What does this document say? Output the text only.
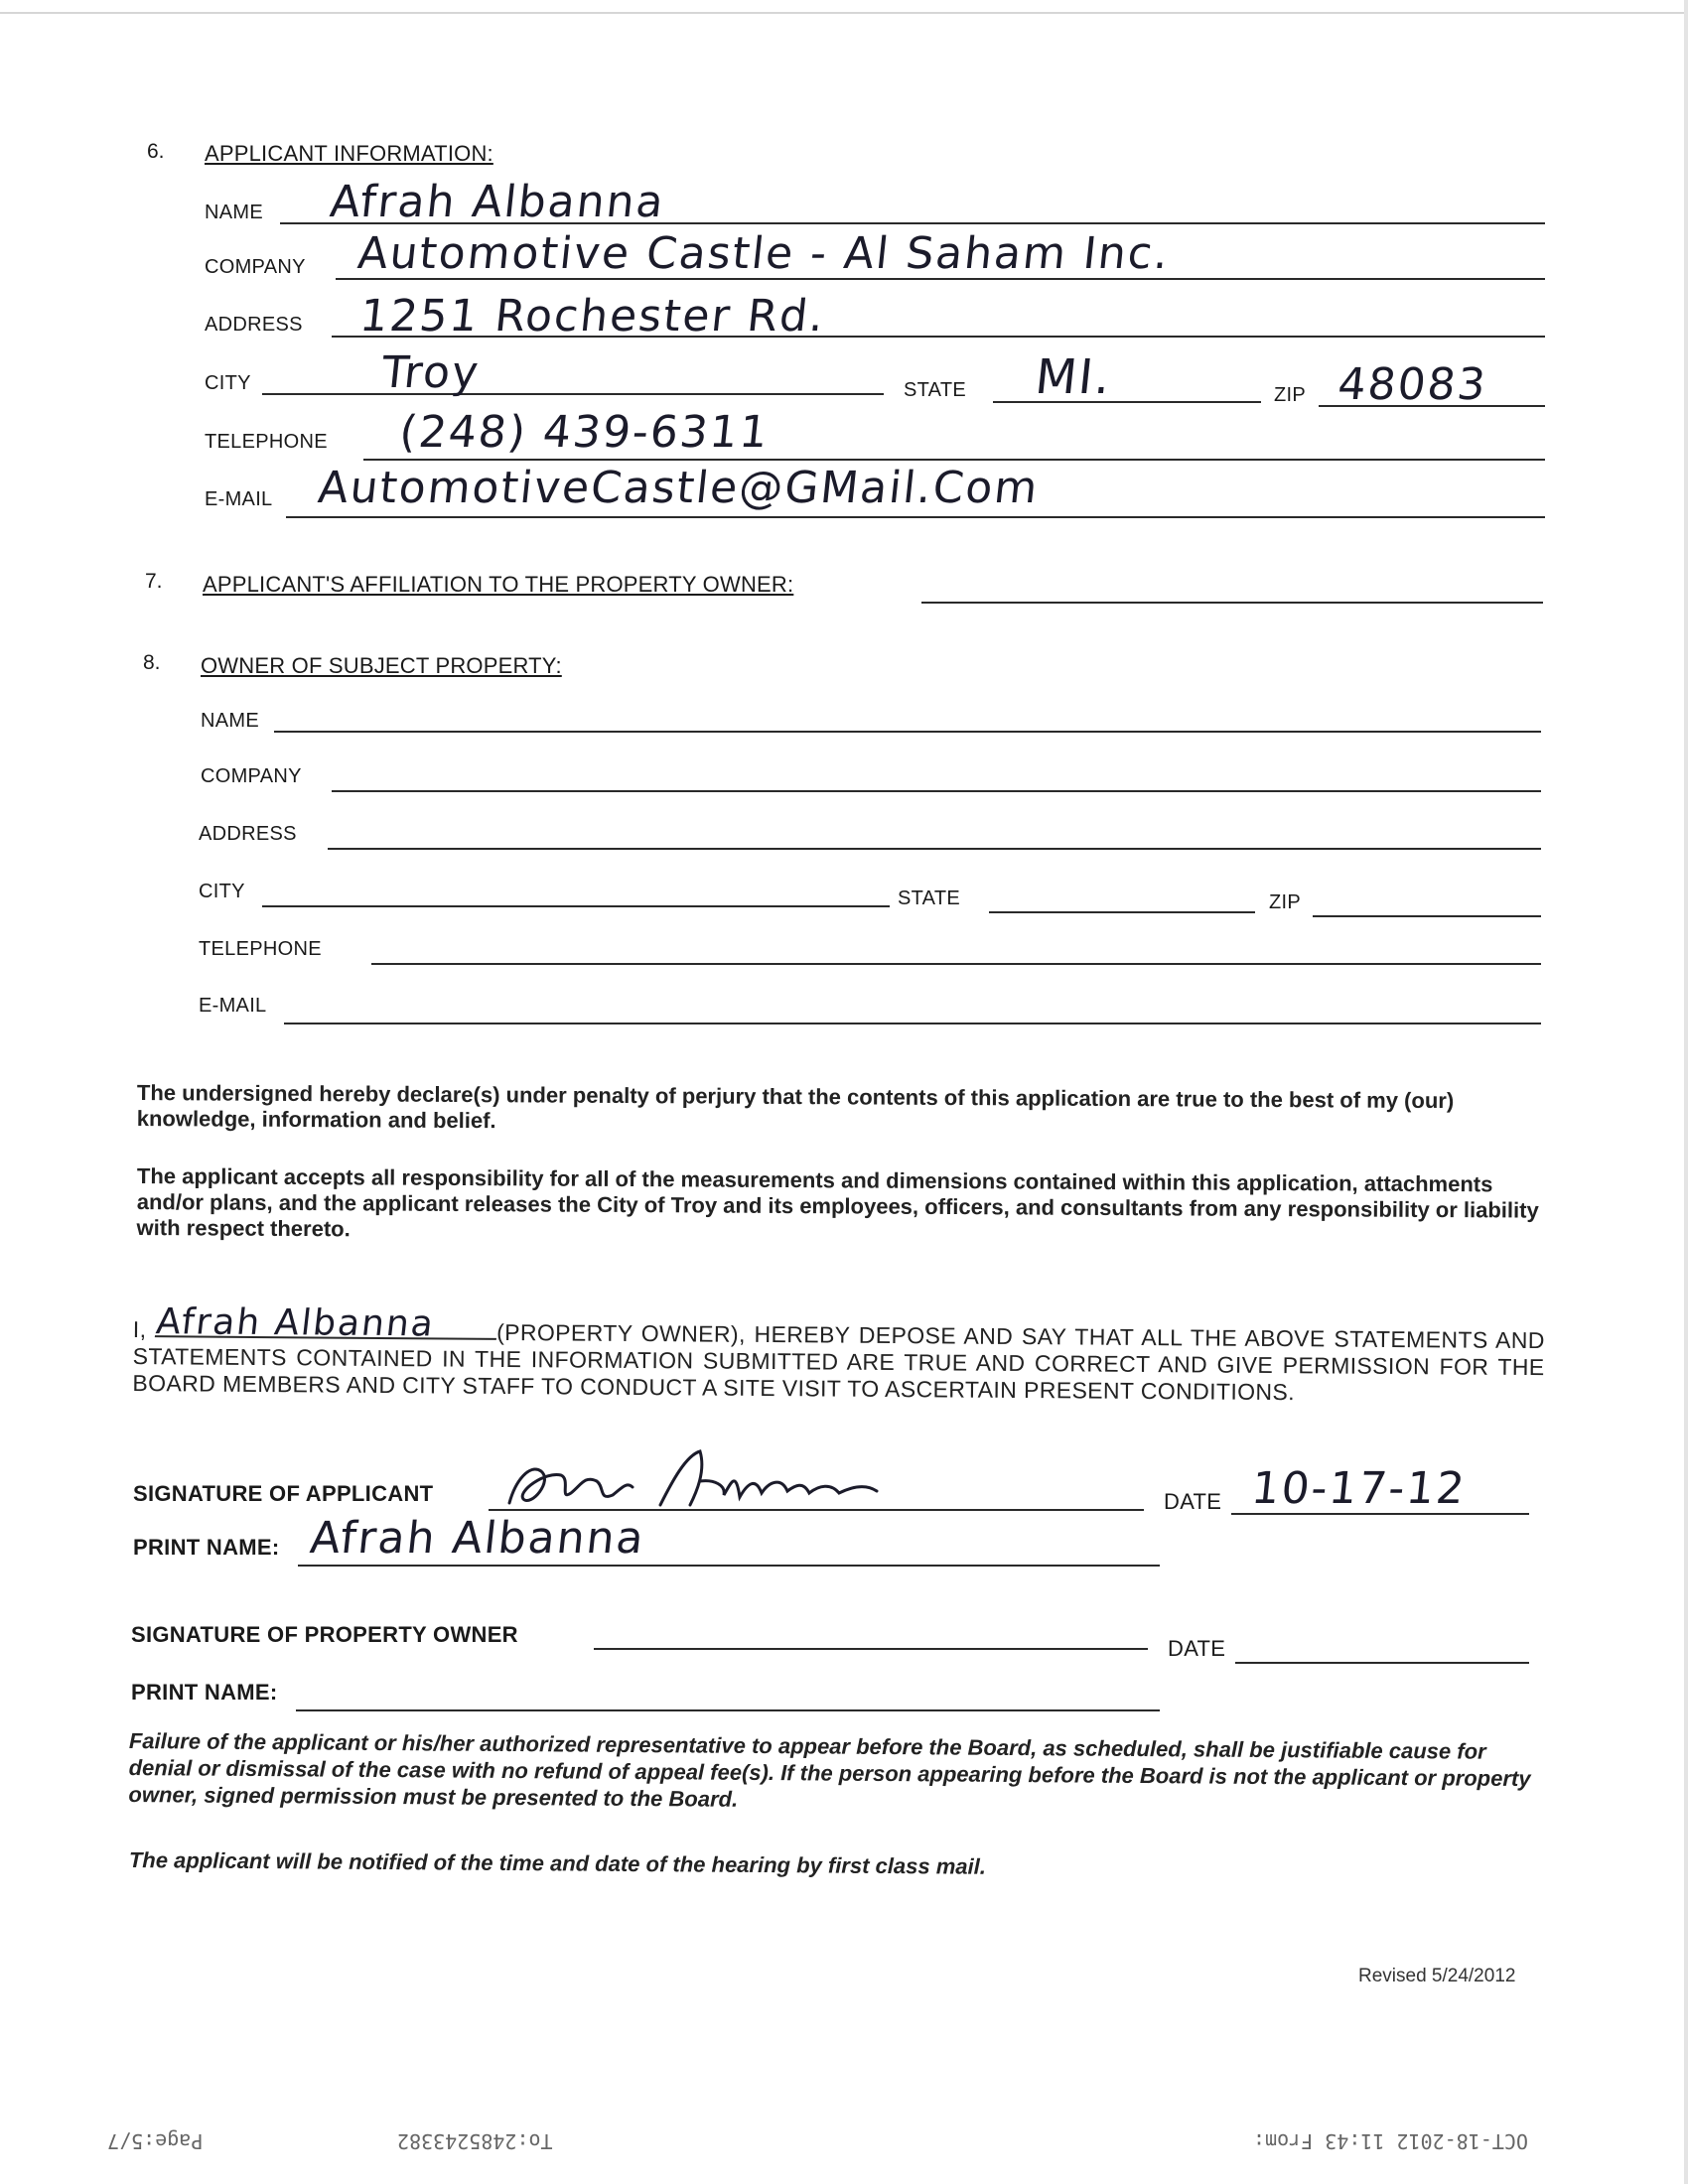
6. APPLICANT INFORMATION:
NAME Afrah Albanna
COMPANY Automotive Castle - Al Saham Inc.
ADDRESS 1251 Rochester Rd.
CITY	Troy	STATE MI.	ZIP 48083
TELEPHONE (248) 439-6311
E-MAIL AutomotiveCastle@GMail.Com
7. APPLICANT'S AFFILIATION TO THE PROPERTY OWNER:
8. OWNER OF SUBJECT PROPERTY:
NAME
COMPANY
ADDRESS
CITY	STATE	ZIP
TELEPHONE
E-MAIL
The undersigned hereby declare(s) under penalty of perjury that the contents of this application are true to the best of my (our) knowledge, information and belief.
The applicant accepts all responsibility for all of the measurements and dimensions contained within this application, attachments and/or plans, and the applicant releases the City of Troy and its employees, officers, and consultants from any responsibility or liability with respect thereto.
I, Afrah Albanna	(PROPERTY OWNER), HEREBY DEPOSE AND SAY THAT ALL THE ABOVE STATEMENTS AND STATEMENTS CONTAINED IN THE INFORMATION SUBMITTED ARE TRUE AND CORRECT AND GIVE PERMISSION FOR THE BOARD MEMBERS AND CITY STAFF TO CONDUCT A SITE VISIT TO ASCERTAIN PRESENT CONDITIONS.
SIGNATURE OF APPLICANT	DATE 10-17-12
PRINT NAME: Afrah Albanna
SIGNATURE OF PROPERTY OWNER
DATE
PRINT NAME:
Failure of the applicant or his/her authorized representative to appear before the Board, as scheduled, shall be justifiable cause for denial or dismissal of the case with no refund of appeal fee(s). If the person appearing before the Board is not the applicant or property owner, signed permission must be presented to the Board.
The applicant will be notified of the time and date of the hearing by first class mail.
Revised 5/24/2012
Page:5/7	To:2485243382	OCT-18-2012 11:43 From:
